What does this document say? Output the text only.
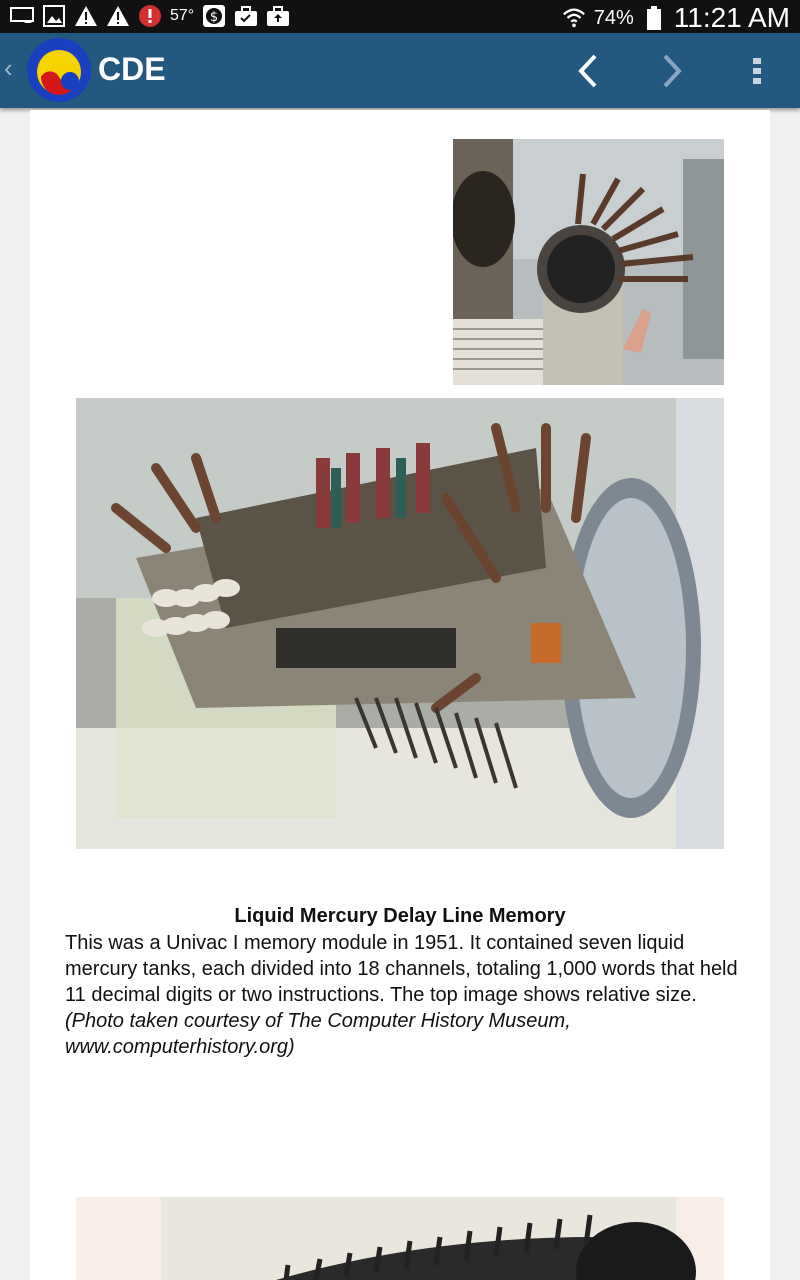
57° $	74% 11:21 AM
‹	CDE
Liquid Mercury Delay Line Memory
This was a Univac I memory module in 1951. It contained seven liquid mercury tanks, each divided into 18 channels, totaling 1,000 words that held 11 decimal digits or two instructions. The top image shows relative size. (Photo taken courtesy of The Computer History Museum, www.computerhistory.org)
